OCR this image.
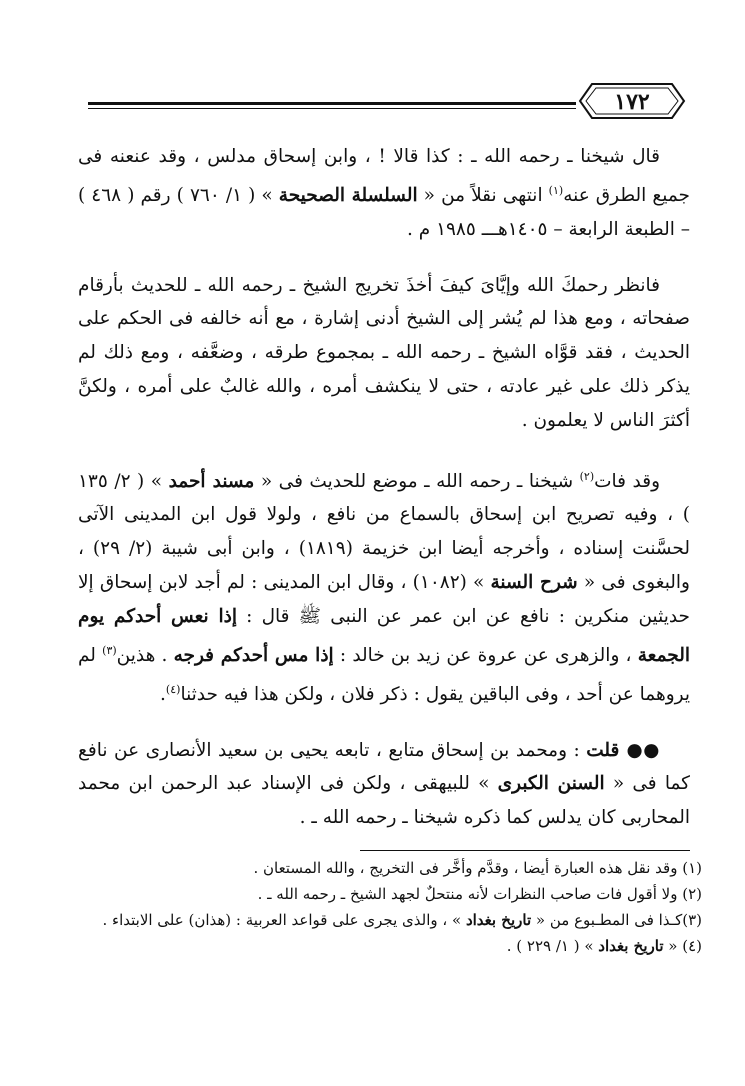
١٧٢

قال شيخنا ـ رحمه الله ـ : كذا قالا ! ، وابن إسحاق مدلس ، وقد عنعنه فى جميع الطرق عنه$^{(١)}$ انتهى نقلاً من « السلسلة الصحيحة » ( ١/ ٧٦٠ ) رقم ( ٤٦٨ ) – الطبعة الرابعة – ١٤٠٥هـــ ١٩٨٥ م .

فانظر رحمكَ الله وإيَّاىَ كيفَ أخذَ تخريج الشيخ ـ رحمه الله ـ للحديث بأرقام صفحاته ، ومع هذا لم يُشر إلى الشيخ أدنى إشارة ، مع أنه خالفه فى الحكم على الحديث ، فقد قوَّاه الشيخ ـ رحمه الله ـ بمجموع طرقه ، وضعَّفه ، ومع ذلك لم يذكر ذلك على غير عادته ، حتى لا ينكشف أمره ، والله غالبٌ على أمره ، ولكنَّ أكثرَ الناس لا يعلمون .

وقد فات$^{(٢)}$ شيخنا ـ رحمه الله ـ موضع للحديث فى « مسند أحمد » ( ٢/ ١٣٥ ) ، وفيه تصريح ابن إسحاق بالسماع من نافع ، ولولا قول ابن المدينى الآتى لحسَّنت إسناده ، وأخرجه أيضا ابن خزيمة (١٨١٩) ، وابن أبى شيبة (٢/ ٢٩) ، والبغوى فى « شرح السنة » (١٠٨٢) ، وقال ابن المدينى : لم أجد لابن إسحاق إلا حديثين منكرين : نافع عن ابن عمر عن النبى ﷺ قال : إذا نعس أحدكم يوم الجمعة ، والزهرى عن عروة عن زيد بن خالد : إذا مس أحدكم فرجه . هذين$^{(٣)}$ لم يروهما عن أحد ، وفى الباقين يقول : ذكر فلان ، ولكن هذا فيه حدثنا$^{(٤)}$.

●● قلت : ومحمد بن إسحاق متابع ، تابعه يحيى بن سعيد الأنصارى عن نافع كما فى « السنن الكبرى » للبيهقى ، ولكن فى الإسناد عبد الرحمن ابن محمد المحاربى كان يدلس كما ذكره شيخنا ـ رحمه الله ـ .

(١) وقد نقل هذه العبارة أيضا ، وقدَّم وأخَّر فى التخريج ، والله المستعان .

(٢) ولا أقول فات صاحب النظرات لأنه منتحلٌ لجهد الشيخ ـ رحمه الله ـ .

(٣)كـذا فى المطـبوع من « تاريخ بغداد » ، والذى يجرى على قواعد العربية : (هذان) على الابتداء .

(٤) « تاريخ بغداد » ( ١/ ٢٢٩ ) .
